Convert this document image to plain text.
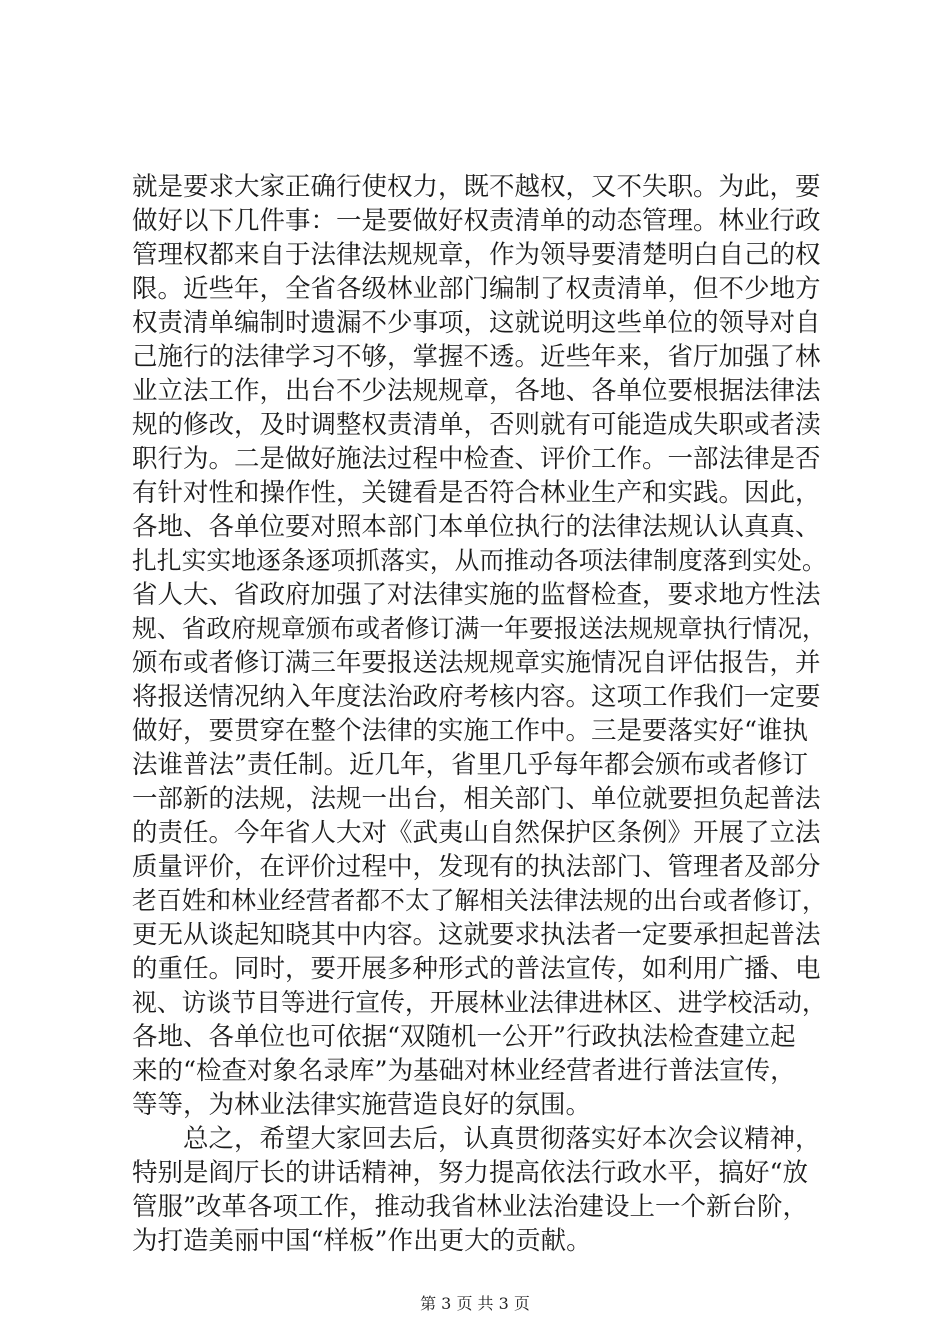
就是要求大家正确行使权力，既不越权，又不失职。为此，要
做好以下几件事：一是要做好权责清单的动态管理。林业行政
管理权都来自于法律法规规章，作为领导要清楚明白自己的权
限。近些年，全省各级林业部门编制了权责清单，但不少地方
权责清单编制时遗漏不少事项，这就说明这些单位的领导对自
己施行的法律学习不够，掌握不透。近些年来，省厅加强了林
业立法工作，出台不少法规规章，各地、各单位要根据法律法
规的修改，及时调整权责清单，否则就有可能造成失职或者渎
职行为。二是做好施法过程中检查、评价工作。一部法律是否
有针对性和操作性，关键看是否符合林业生产和实践。因此，
各地、各单位要对照本部门本单位执行的法律法规认认真真、
扎扎实实地逐条逐项抓落实，从而推动各项法律制度落到实处。
省人大、省政府加强了对法律实施的监督检查，要求地方性法
规、省政府规章颁布或者修订满一年要报送法规规章执行情况，
颁布或者修订满三年要报送法规规章实施情况自评估报告，并
将报送情况纳入年度法治政府考核内容。这项工作我们一定要
做好，要贯穿在整个法律的实施工作中。三是要落实好“谁执
法谁普法”责任制。近几年，省里几乎每年都会颁布或者修订
一部新的法规，法规一出台，相关部门、单位就要担负起普法
的责任。今年省人大对《武夷山自然保护区条例》开展了立法
质量评价，在评价过程中，发现有的执法部门、管理者及部分
老百姓和林业经营者都不太了解相关法律法规的出台或者修订，
更无从谈起知晓其中内容。这就要求执法者一定要承担起普法
的重任。同时，要开展多种形式的普法宣传，如利用广播、电
视、访谈节目等进行宣传，开展林业法律进林区、进学校活动，
各地、各单位也可依据“双随机一公开”行政执法检查建立起
来的“检查对象名录库”为基础对林业经营者进行普法宣传，
等等，为林业法律实施营造良好的氛围。
总之，希望大家回去后，认真贯彻落实好本次会议精神，
特别是阎厅长的讲话精神，努力提高依法行政水平，搞好“放
管服”改革各项工作，推动我省林业法治建设上一个新台阶，
为打造美丽中国“样板”作出更大的贡献。
第 3 页 共 3 页
